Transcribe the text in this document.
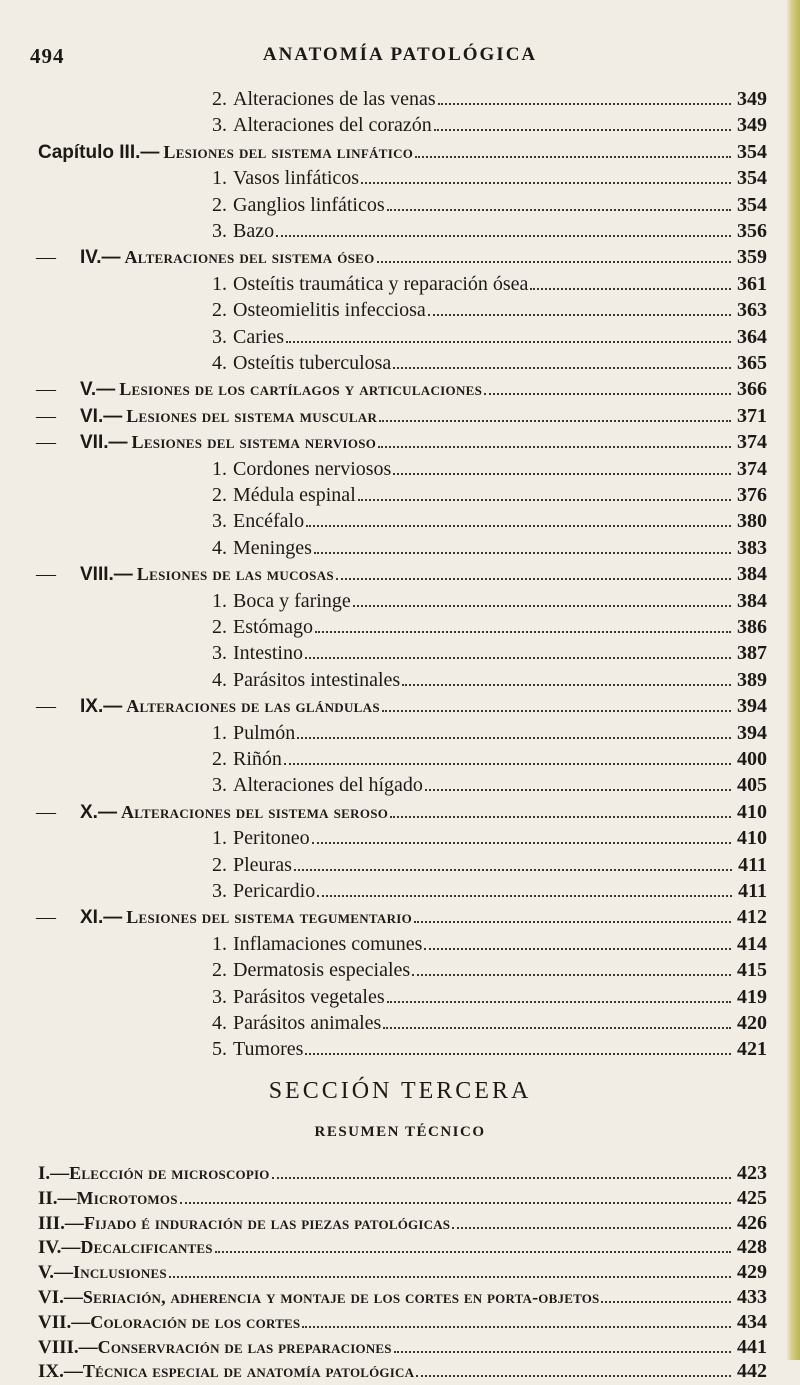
494	ANATOMÍA PATOLÓGICA
2. Alteraciones de las venas	349
3. Alteraciones del corazón	349
Capítulo III.— Lesiones del sistema linfático	354
1. Vasos linfáticos	354
2. Ganglios linfáticos	354
3. Bazo	356
— IV.— Alteraciones del sistema óseo	359
1. Osteítis traumática y reparación ósea	361
2. Osteomielitis infecciosa	363
3. Caries	364
4. Osteítis tuberculosa	365
— V.— Lesiones de los cartílagos y articulaciones	366
— VI.— Lesiones del sistema muscular	371
— VII.— Lesiones del sistema nervioso	374
1. Cordones nerviosos	374
2. Médula espinal	376
3. Encéfalo	380
4. Meninges	383
— VIII.— Lesiones de las mucosas	384
1. Boca y faringe	384
2. Estómago	386
3. Intestino	387
4. Parásitos intestinales	389
— IX.— Alteraciones de las glándulas	394
1. Pulmón	394
2. Riñón	400
3. Alteraciones del hígado	405
— X.— Alteraciones del sistema seroso	410
1. Peritoneo	410
2. Pleuras	411
3. Pericardio	411
— XI.— Lesiones del sistema tegumentario	412
1. Inflamaciones comunes	414
2. Dermatosis especiales	415
3. Parásitos vegetales	419
4. Parásitos animales	420
5. Tumores	421
SECCIÓN TERCERA
RESUMEN TÉCNICO
I.— Elección de microscopio	423
II.— Microtomos	425
III.— Fijado é induración de las piezas patológicas	426
IV.— Decalcificantes	428
V.— Inclusiones	429
VI.— Seriación, adherencia y montaje de los cortes en porta-objetos	433
VII.— Coloración de los cortes	434
VIII.— Conservración de las preparaciones	441
IX.— Técnica especial de anatomía patológica	442
